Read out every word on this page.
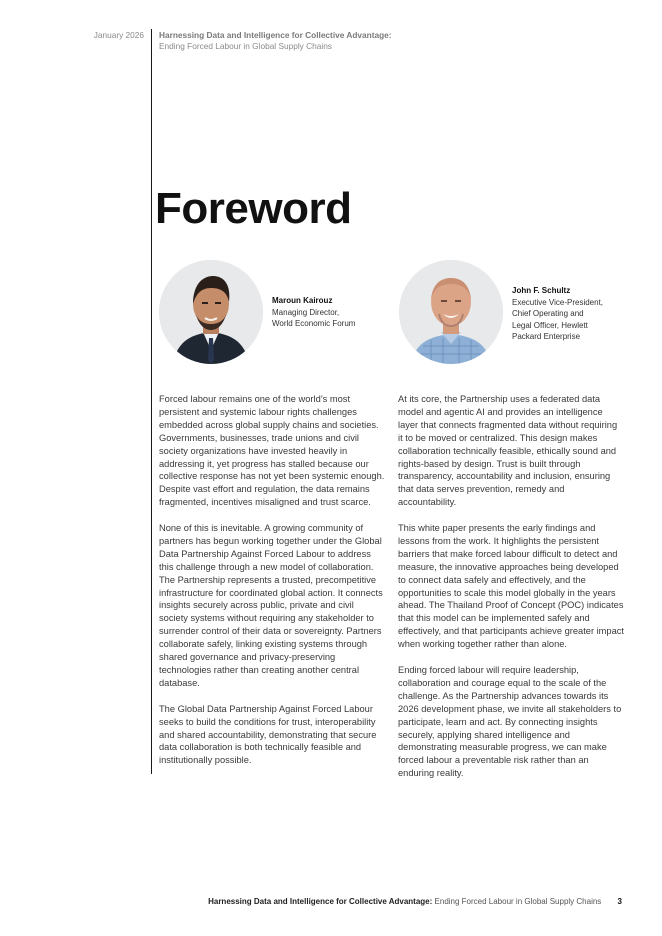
January 2026 Harnessing Data and Intelligence for Collective Advantage:
Ending Forced Labour in Global Supply Chains
Foreword
Maroun Kairouz
Managing Director,
World Economic Forum
John F. Schultz
Executive Vice-President,
Chief Operating and
Legal Officer, Hewlett
Packard Enterprise

Forced labour remains one of the world’s most persistent and systemic labour rights challenges embedded across global supply chains and societies. Governments, businesses, trade unions and civil society organizations have invested heavily in addressing it, yet progress has stalled because our collective response has not yet been systemic enough. Despite vast effort and regulation, the data remains fragmented, incentives misaligned and trust scarce.

None of this is inevitable. A growing community of partners has begun working together under the Global Data Partnership Against Forced Labour to address this challenge through a new model of collaboration. The Partnership represents a trusted, precompetitive infrastructure for coordinated global action. It connects insights securely across public, private and civil society systems without requiring any stakeholder to surrender control of their data or sovereignty. Partners collaborate safely, linking existing systems through shared governance and privacy-preserving technologies rather than creating another central database.

The Global Data Partnership Against Forced Labour seeks to build the conditions for trust, interoperability and shared accountability, demonstrating that secure data collaboration is both technically feasible and institutionally possible.

At its core, the Partnership uses a federated data model and agentic AI and provides an intelligence layer that connects fragmented data without requiring it to be moved or centralized. This design makes collaboration technically feasible, ethically sound and rights-based by design. Trust is built through transparency, accountability and inclusion, ensuring that data serves prevention, remedy and accountability.

This white paper presents the early findings and lessons from the work. It highlights the persistent barriers that make forced labour difficult to detect and measure, the innovative approaches being developed to connect data safely and effectively, and the opportunities to scale this model globally in the years ahead. The Thailand Proof of Concept (POC) indicates that this model can be implemented safely and effectively, and that participants achieve greater impact when working together rather than alone.

Ending forced labour will require leadership, collaboration and courage equal to the scale of the challenge. As the Partnership advances towards its 2026 development phase, we invite all stakeholders to participate, learn and act. By connecting insights securely, applying shared intelligence and demonstrating measurable progress, we can make forced labour a preventable risk rather than an enduring reality.

Harnessing Data and Intelligence for Collective Advantage: Ending Forced Labour in Global Supply Chains 3
